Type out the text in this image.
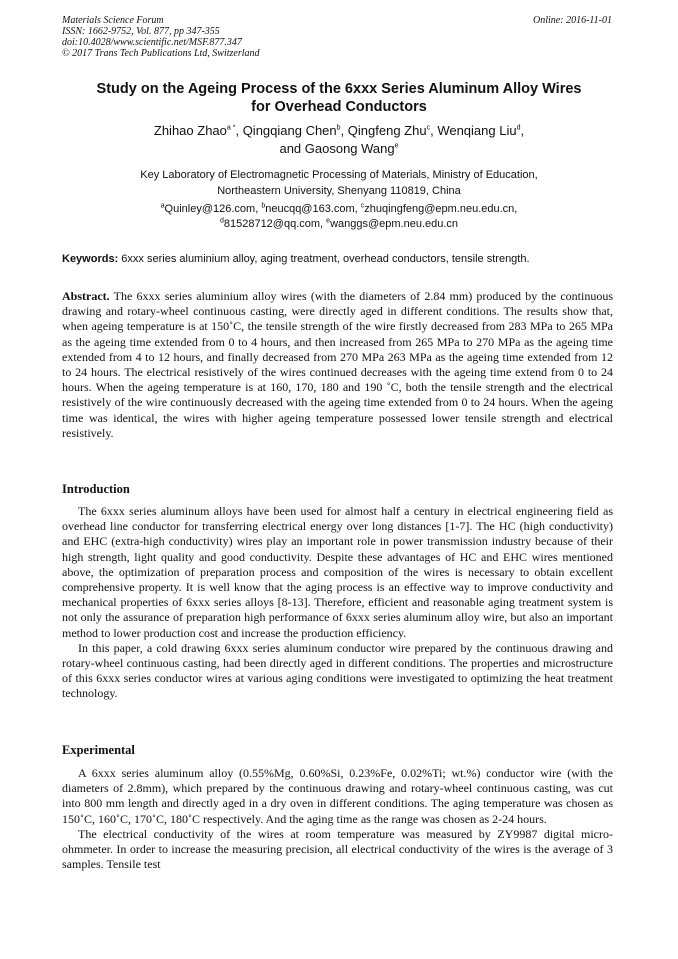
Materials Science Forum
ISSN: 1662-9752, Vol. 877, pp 347-355
doi:10.4028/www.scientific.net/MSF.877.347
© 2017 Trans Tech Publications Ltd, Switzerland
Online: 2016-11-01
Study on the Ageing Process of the 6xxx Series Aluminum Alloy Wires
for Overhead Conductors
Zhihao Zhao$^{a *}$, Qingqiang Chen$^b$, Qingfeng Zhu$^c$, Wenqiang Liu$^d$,
and Gaosong Wang$^e$
Key Laboratory of Electromagnetic Processing of Materials, Ministry of Education,
Northeastern University, Shenyang 110819, China
$^a$Quinley@126.com, $^b$neucqq@163.com, $^c$zhuqingfeng@epm.neu.edu.cn,
$^d$81528712@qq.com, $^e$wanggs@epm.neu.edu.cn
Keywords: 6xxx series aluminium alloy, aging treatment, overhead conductors, tensile strength.

Abstract. The 6xxx series aluminium alloy wires (with the diameters of 2.84 mm) produced by the continuous drawing and rotary-wheel continuous casting, were directly aged in different conditions. The results show that, when ageing temperature is at 150˚C, the tensile strength of the wire firstly decreased from 283 MPa to 265 MPa as the ageing time extended from 0 to 4 hours, and then increased from 265 MPa to 270 MPa as the ageing time extended from 4 to 12 hours, and finally decreased from 270 MPa 263 MPa as the ageing time extended from 12 to 24 hours. The electrical resistively of the wires continued decreases with the ageing time extend from 0 to 24 hours. When the ageing temperature is at 160, 170, 180 and 190 ˚C, both the tensile strength and the electrical resistively of the wire continuously decreased with the ageing time extended from 0 to 24 hours. When the ageing time was identical, the wires with higher ageing temperature possessed lower tensile strength and electrical resistively.

Introduction

The 6xxx series aluminum alloys have been used for almost half a century in electrical engineering field as overhead line conductor for transferring electrical energy over long distances [1-7]. The HC (high conductivity) and EHC (extra-high conductivity) wires play an important role in power transmission industry because of their high strength, light quality and good conductivity. Despite these advantages of HC and EHC wires mentioned above, the optimization of preparation process and composition of the wires is necessary to obtain excellent comprehensive property. It is well know that the aging process is an effective way to improve conductivity and mechanical properties of 6xxx series alloys [8-13]. Therefore, efficient and reasonable aging treatment system is not only the assurance of preparation high performance of 6xxx series aluminum alloy wire, but also an important method to lower production cost and increase the production efficiency.

In this paper, a cold drawing 6xxx series aluminum conductor wire prepared by the continuous drawing and rotary-wheel continuous casting, had been directly aged in different conditions. The properties and microstructure of this 6xxx series conductor wires at various aging conditions were investigated to optimizing the heat treatment technology.

Experimental

A 6xxx series aluminum alloy (0.55%Mg, 0.60%Si, 0.23%Fe, 0.02%Ti; wt.%) conductor wire (with the diameters of 2.8mm), which prepared by the continuous drawing and rotary-wheel continuous casting, was cut into 800 mm length and directly aged in a dry oven in different conditions. The aging temperature was chosen as 150˚C, 160˚C, 170˚C, 180˚C respectively. And the aging time as the range was chosen as 2-24 hours.

The electrical conductivity of the wires at room temperature was measured by ZY9987 digital micro-ohmmeter. In order to increase the measuring precision, all electrical conductivity of the wires is the average of 3 samples. Tensile test
